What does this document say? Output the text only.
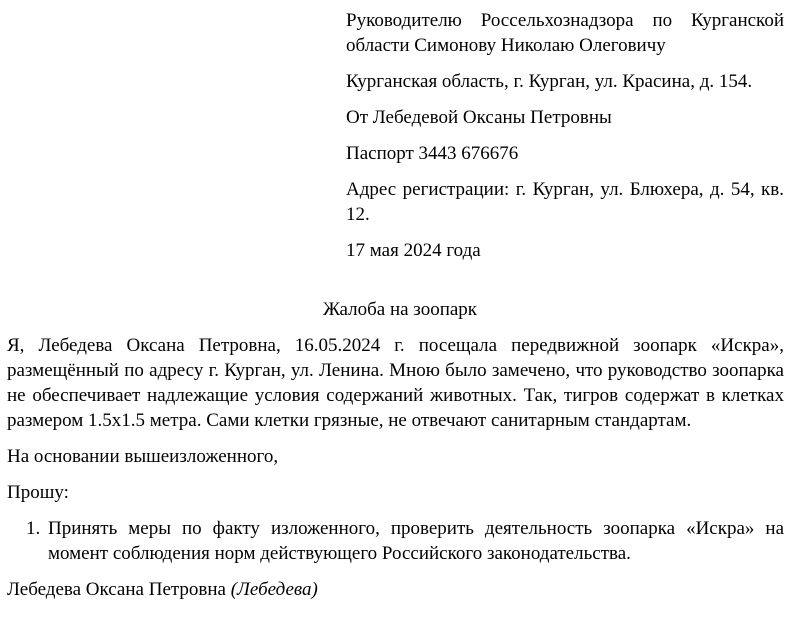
Руководителю Россельхознадзора по Курганской области Симонову Николаю Олеговичу

Курганская область, г. Курган, ул. Красина, д. 154.

От Лебедевой Оксаны Петровны

Паспорт 3443 676676

Адрес регистрации: г. Курган, ул. Блюхера, д. 54, кв. 12.

17 мая 2024 года

Жалоба на зоопарк

Я, Лебедева Оксана Петровна, 16.05.2024 г. посещала передвижной зоопарк «Искра», размещённый по адресу г. Курган, ул. Ленина. Мною было замечено, что руководство зоопарка не обеспечивает надлежащие условия содержаний животных. Так, тигров содержат в клетках размером 1.5х1.5 метра. Сами клетки грязные, не отвечают санитарным стандартам.

На основании вышеизложенного,

Прошу:

1. Принять меры по факту изложенного, проверить деятельность зоопарка «Искра» на момент соблюдения норм действующего Российского законодательства.

Лебедева Оксана Петровна (Лебедева)
